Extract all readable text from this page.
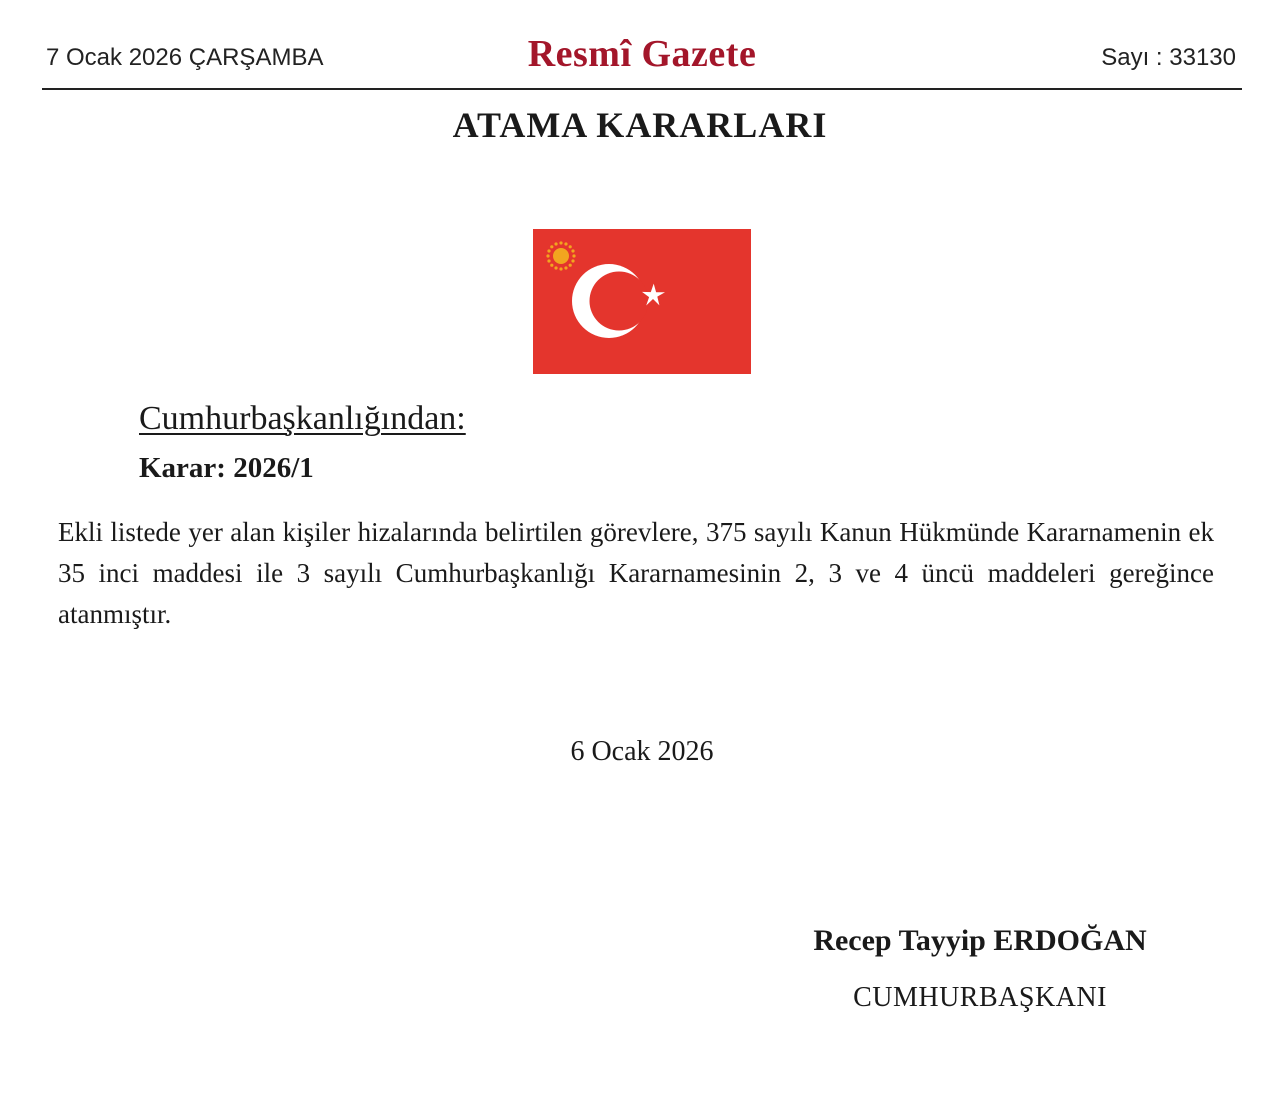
7 Ocak 2026 ÇARŞAMBA	Resmî Gazete	Sayı : 33130
ATAMA KARARLARI
Cumhurbaşkanlığından:
Karar: 2026/1
Ekli listede yer alan kişiler hizalarında belirtilen görevlere, 375 sayılı Kanun Hükmünde Kararnamenin ek 35 inci maddesi ile 3 sayılı Cumhurbaşkanlığı Kararnamesinin 2, 3 ve 4 üncü maddeleri gereğince atanmıştır.
6 Ocak 2026
Recep Tayyip ERDOĞAN
CUMHURBAŞKANI
